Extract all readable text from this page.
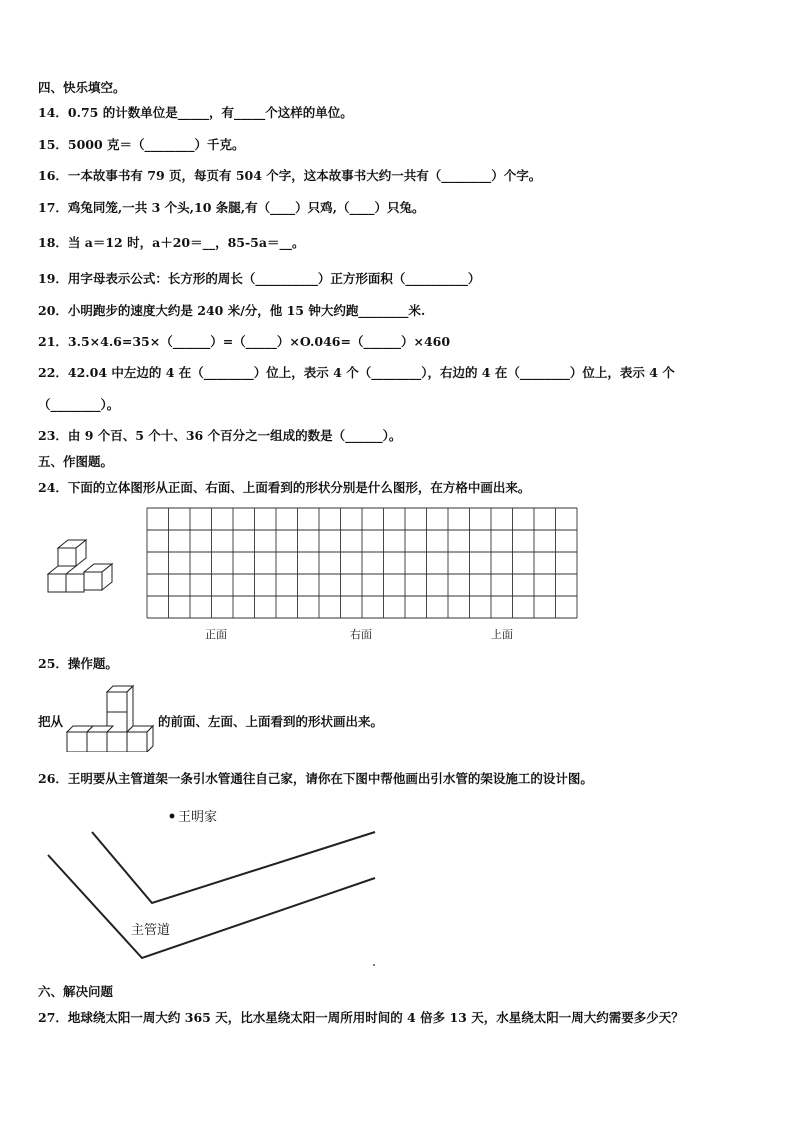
四、快乐填空。
14．0.75 的计数单位是_____，有_____个这样的单位。
15．5000 克＝（________）千克。
16．一本故事书有 79 页，每页有 504 个字，这本故事书大约一共有（________）个字。
17．鸡兔同笼,一共 3 个头,10 条腿,有（____）只鸡,（____）只兔。
18．当 a＝12 时，a＋20＝__，85-5a＝__。
19．用字母表示公式：长方形的周长（__________）正方形面积（__________）
20．小明跑步的速度大约是 240 米/分，他 15 钟大约跑________米.
21．3.5×4.6=35×（______）=（_____）×O.046=（______）×460
22．42.04 中左边的 4 在（________）位上，表示 4 个（________），右边的 4 在（________）位上，表示 4 个
（________）。
23．由 9 个百、5 个十、36 个百分之一组成的数是（______）。
五、作图题。
24．下面的立体图形从正面、右面、上面看到的形状分别是什么图形，在方格中画出来。
正面	右面	上面
25．操作题。
把从	的前面、左面、上面看到的形状画出来。
26．王明要从主管道架一条引水管通往自己家，请你在下图中帮他画出引水管的架设施工的设计图。
王明家
主管道
六、解决问题
27．地球绕太阳一周大约 365 天，比水星绕太阳一周所用时间的 4 倍多 13 天，水星绕太阳一周大约需要多少天？
